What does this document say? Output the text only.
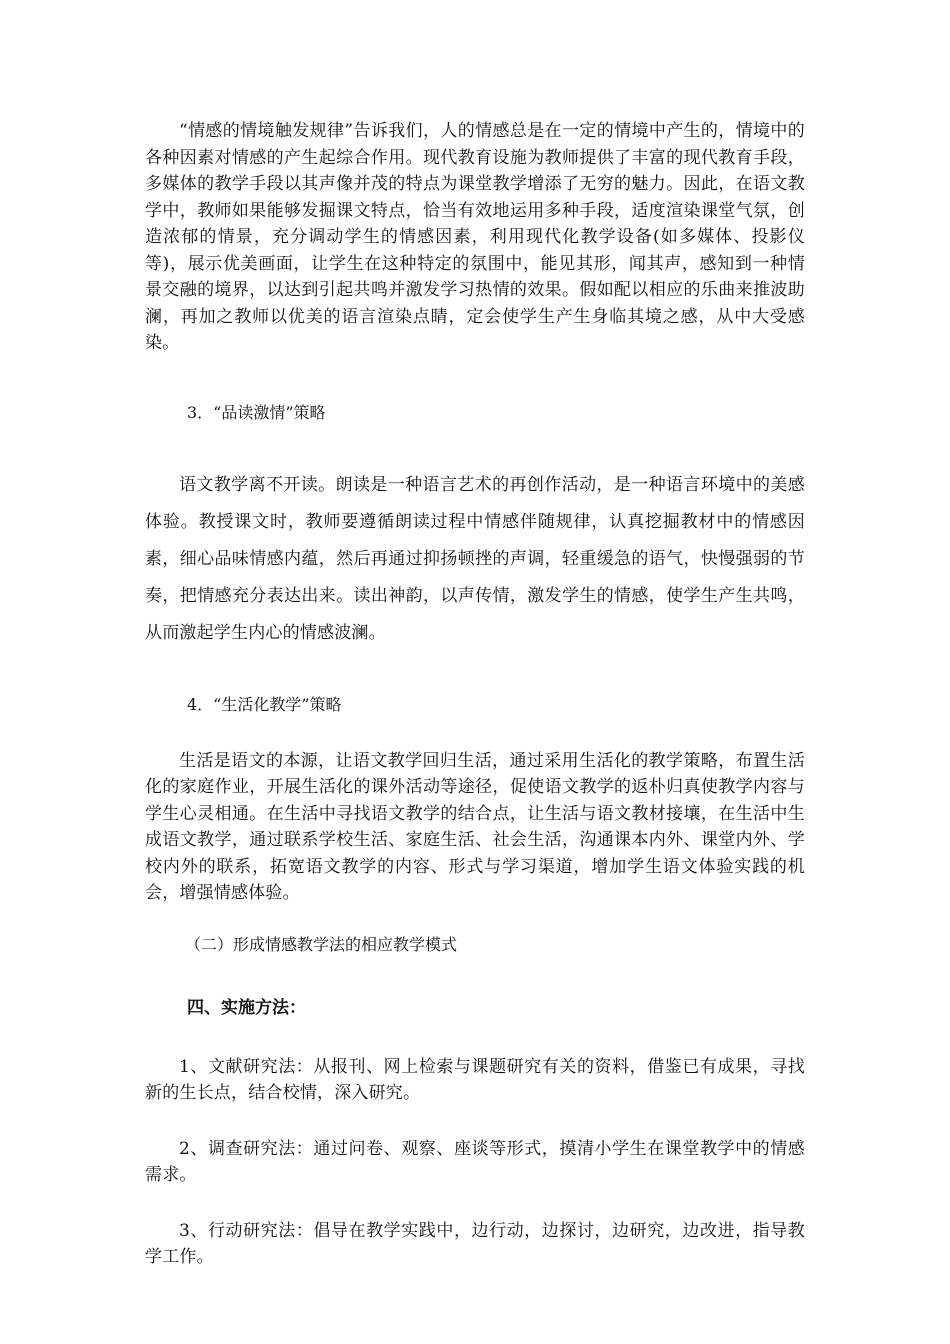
“情感的情境触发规律”告诉我们，人的情感总是在一定的情境中产生的，情境中的各种因素对情感的产生起综合作用。现代教育设施为教师提供了丰富的现代教育手段，多媒体的教学手段以其声像并茂的特点为课堂教学增添了无穷的魅力。因此，在语文教学中，教师如果能够发掘课文特点，恰当有效地运用多种手段，适度渲染课堂气氛，创造浓郁的情景，充分调动学生的情感因素，利用现代化教学设备(如多媒体、投影仪等)，展示优美画面，让学生在这种特定的氛围中，能见其形，闻其声，感知到一种情景交融的境界，以达到引起共鸣并激发学习热情的效果。假如配以相应的乐曲来推波助澜，再加之教师以优美的语言渲染点睛，定会使学生产生身临其境之感，从中大受感染。

3．“品读激情”策略

语文教学离不开读。朗读是一种语言艺术的再创作活动，是一种语言环境中的美感体验。教授课文时，教师要遵循朗读过程中情感伴随规律，认真挖掘教材中的情感因素，细心品味情感内蕴，然后再通过抑扬顿挫的声调，轻重缓急的语气，快慢强弱的节奏，把情感充分表达出来。读出神韵，以声传情，激发学生的情感，使学生产生共鸣，从而激起学生内心的情感波澜。

4．“生活化教学”策略

生活是语文的本源，让语文教学回归生活，通过采用生活化的教学策略，布置生活化的家庭作业，开展生活化的课外活动等途径，促使语文教学的返朴归真使教学内容与学生心灵相通。在生活中寻找语文教学的结合点，让生活与语文教材接壤，在生活中生成语文教学，通过联系学校生活、家庭生活、社会生活，沟通课本内外、课堂内外、学校内外的联系，拓宽语文教学的内容、形式与学习渠道，增加学生语文体验实践的机会，增强情感体验。

（二）形成情感教学法的相应教学模式

四、实施方法：

1、文献研究法：从报刊、网上检索与课题研究有关的资料，借鉴已有成果，寻找新的生长点，结合校情，深入研究。

2、调查研究法：通过问卷、观察、座谈等形式，摸清小学生在课堂教学中的情感需求。

3、行动研究法：倡导在教学实践中，边行动，边探讨，边研究，边改进，指导教学工作。
